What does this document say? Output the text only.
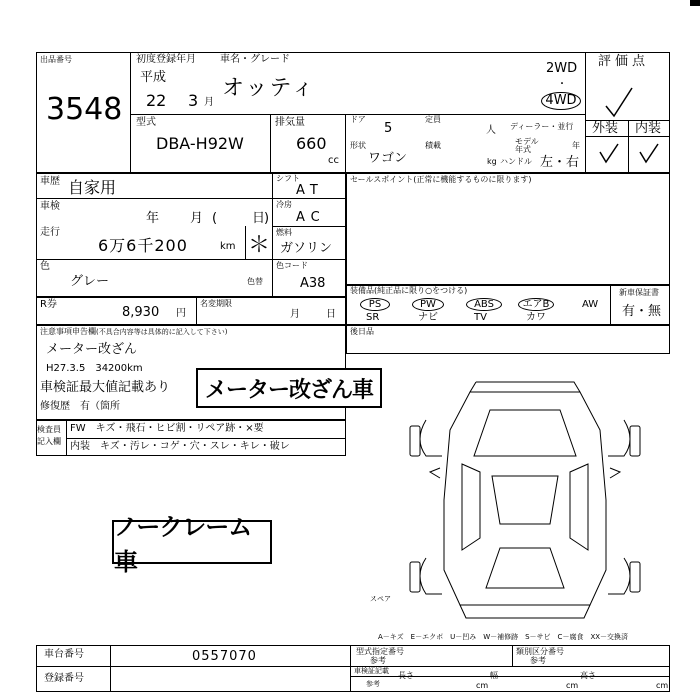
出品番号
3548
初度登録年月 車名・グレード
平成
22 3 月
オッティ
型式
DBA-H92W
排気量
660
cc
ドア
5
定員
人
形状
ワゴン
積載
kg
ディーラー・並行
モデル年式	年
ハンドル 左・右
2WD
・
4WD
評価点
外装 内装
車歴 自家用
車検
年 月 (	日
)
走行
6万6千200	km ＊
シフト
AT
冷房
AC
燃料
ガソリン
色
グレー	色替
色コード
A38
セールスポイント(正常に機能するものに限ります)
R券
8,930 円
名変期限
月	日
装備品(純正品に限り○をつける)
PS	PW	ABS	エアB	AW
SR	ナビ	TV	カワ
新車保証書
有・無
注意事項申告欄(不具合内容等は具体的に記入して下さい)
メーター改ざん
H27.3.5　34200km
車検証最大値記載あり
修復歴　有（箇所
メーター改ざん車
後日品
検査員記入欄
FW　キズ・飛石・ヒビ割・リペア跡・×要
内装　キズ・汚レ・コゲ・穴・スレ・キレ・破レ
ノークレーム車
スペア
A－キズ　E－エクボ　U－凹み　W－補修跡　S－サビ　C－腐食　XX－交換済
車台番号	0557070
登録番号
型式指定番号
参考
類別区分番号
参考
車検証記載
参考
長さ
cm
幅
cm
高さ
cm
